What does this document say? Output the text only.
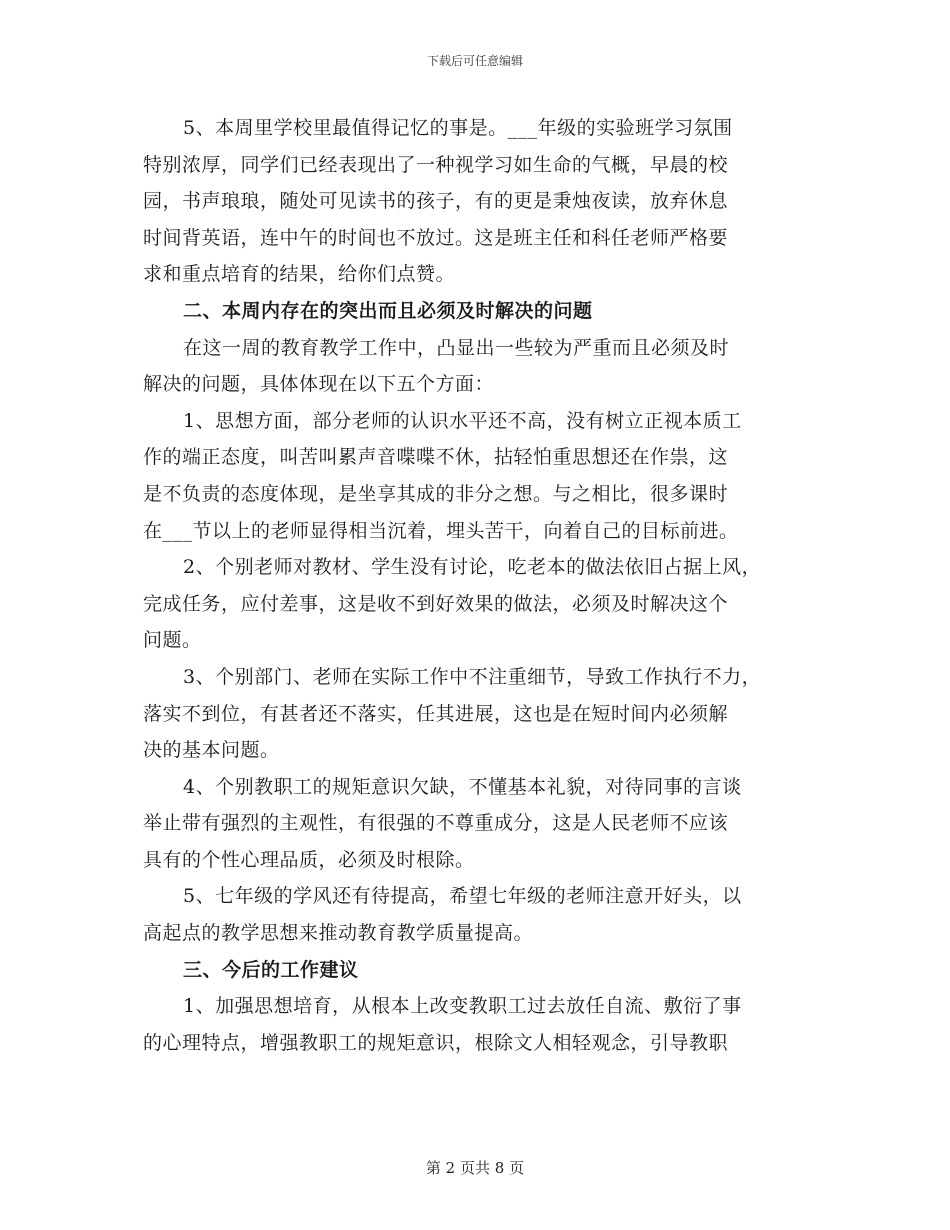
下载后可任意编辑
5、本周里学校里最值得记忆的事是。___年级的实验班学习氛围
特别浓厚，同学们已经表现出了一种视学习如生命的气概，早晨的校
园，书声琅琅，随处可见读书的孩子，有的更是秉烛夜读，放弃休息
时间背英语，连中午的时间也不放过。这是班主任和科任老师严格要
求和重点培育的结果，给你们点赞。
二、本周内存在的突出而且必须及时解决的问题
在这一周的教育教学工作中，凸显出一些较为严重而且必须及时
解决的问题，具体体现在以下五个方面：
1、思想方面，部分老师的认识水平还不高，没有树立正视本质工
作的端正态度，叫苦叫累声音喋喋不休，拈轻怕重思想还在作祟，这
是不负责的态度体现，是坐享其成的非分之想。与之相比，很多课时
在___节以上的老师显得相当沉着，埋头苦干，向着自己的目标前进。
2、个别老师对教材、学生没有讨论，吃老本的做法依旧占据上风，
完成任务，应付差事，这是收不到好效果的做法，必须及时解决这个
问题。
3、个别部门、老师在实际工作中不注重细节，导致工作执行不力，
落实不到位，有甚者还不落实，任其进展，这也是在短时间内必须解
决的基本问题。
4、个别教职工的规矩意识欠缺，不懂基本礼貌，对待同事的言谈
举止带有强烈的主观性，有很强的不尊重成分，这是人民老师不应该
具有的个性心理品质，必须及时根除。
5、七年级的学风还有待提高，希望七年级的老师注意开好头，以
高起点的教学思想来推动教育教学质量提高。
三、今后的工作建议
1、加强思想培育，从根本上改变教职工过去放任自流、敷衍了事
的心理特点，增强教职工的规矩意识，根除文人相轻观念，引导教职
第 2 页共 8 页
